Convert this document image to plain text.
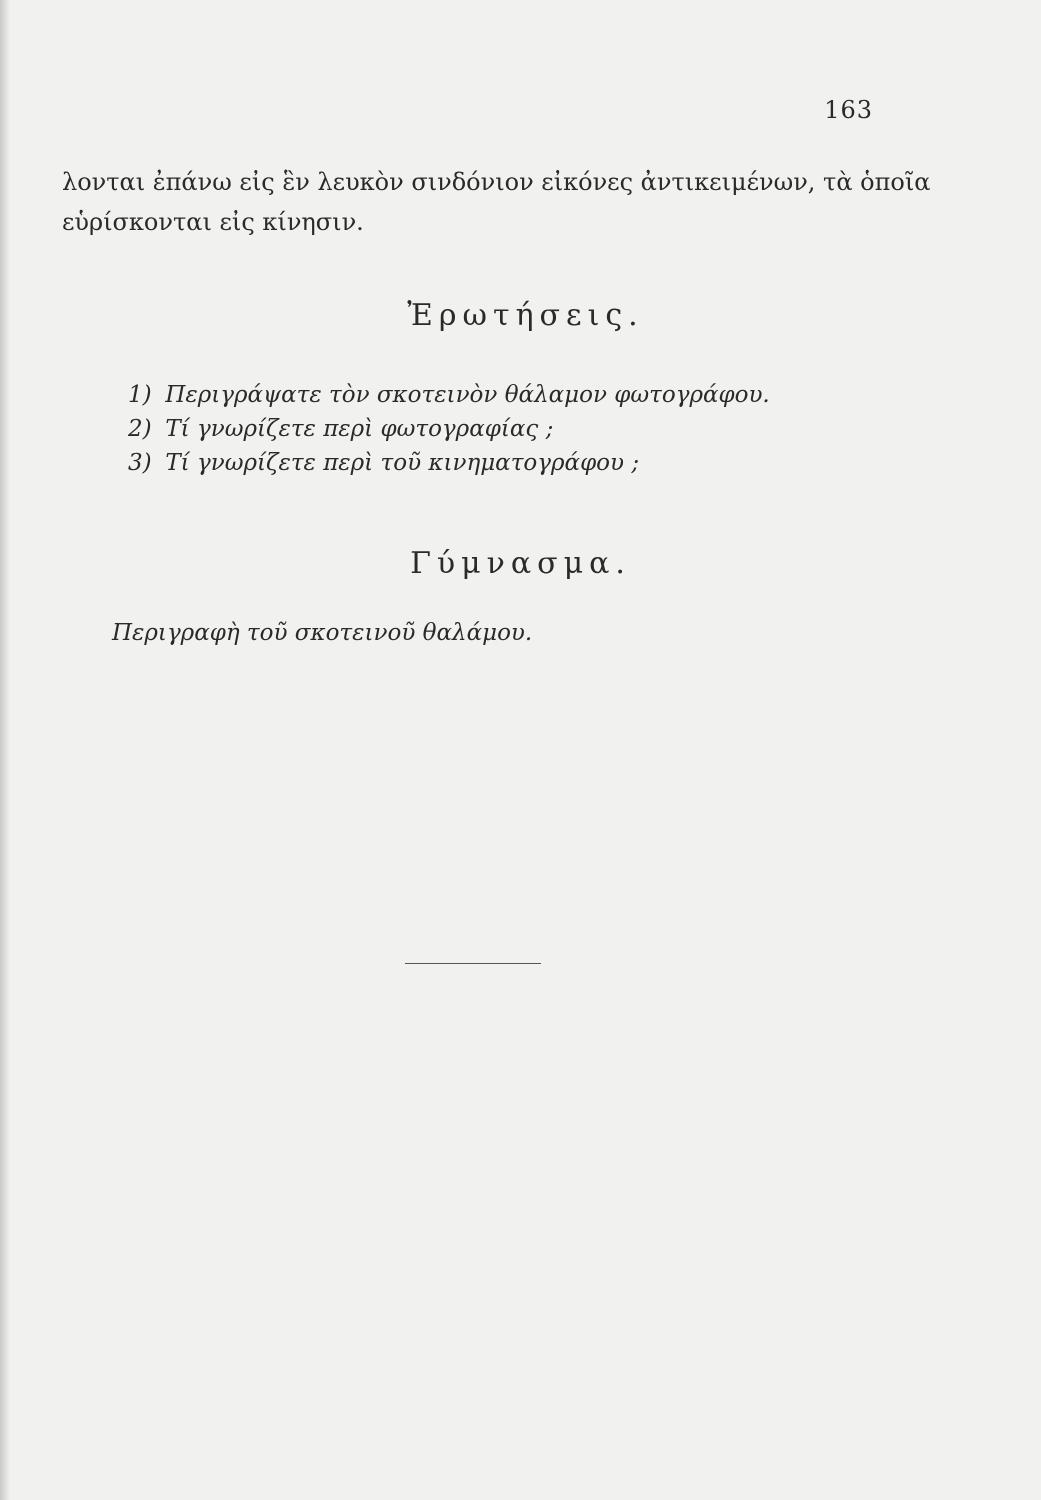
163
λονται ἐπάνω εἰς ἓν λευκὸν σινδόνιον εἰκόνες ἀντικειμένων, τὰ ὁποῖα
εὑρίσκονται εἰς κίνησιν.
Ἐρωτήσεις.
1) Περιγράψατε τὸν σκοτεινὸν θάλαμον φωτογράφου.
2) Τί γνωρίζετε περὶ φωτογραφίας ;
3) Τί γνωρίζετε περὶ τοῦ κινηματογράφου ;
Γύμνασμα.
Περιγραφὴ τοῦ σκοτεινοῦ θαλάμου.
